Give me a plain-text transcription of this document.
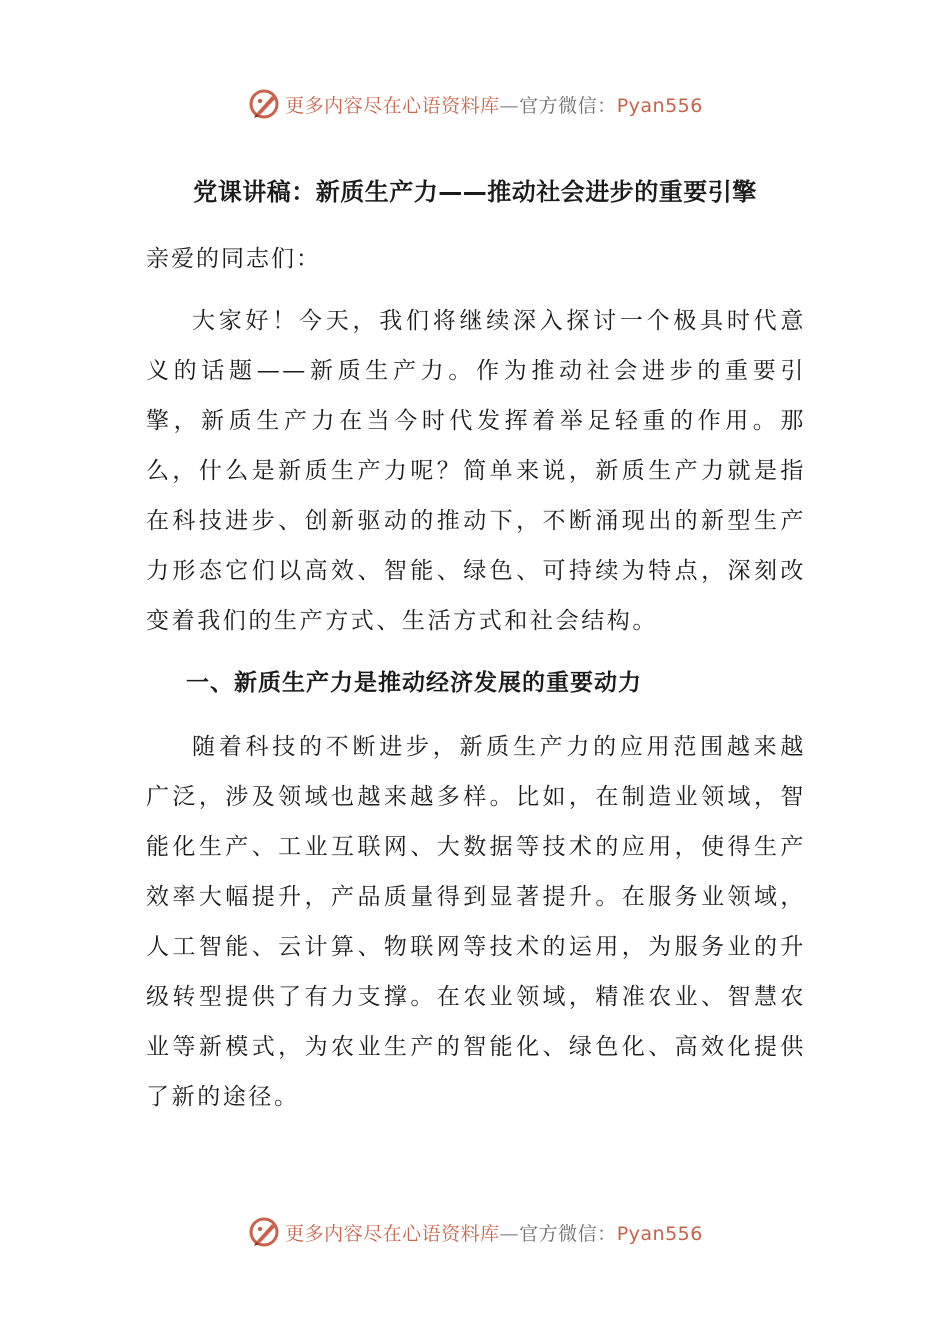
更多内容尽在心语资料库—官方微信：Pyan556
党课讲稿：新质生产力——推动社会进步的重要引擎

亲爱的同志们：

大家好！今天，我们将继续深入探讨一个极具时代意义的话题——新质生产力。作为推动社会进步的重要引擎，新质生产力在当今时代发挥着举足轻重的作用。那么，什么是新质生产力呢？简单来说，新质生产力就是指在科技进步、创新驱动的推动下，不断涌现出的新型生产力形态它们以高效、智能、绿色、可持续为特点，深刻改变着我们的生产方式、生活方式和社会结构。

一、新质生产力是推动经济发展的重要动力

随着科技的不断进步，新质生产力的应用范围越来越广泛，涉及领域也越来越多样。比如，在制造业领域，智能化生产、工业互联网、大数据等技术的应用，使得生产效率大幅提升，产品质量得到显著提升。在服务业领域，人工智能、云计算、物联网等技术的运用，为服务业的升级转型提供了有力支撑。在农业领域，精准农业、智慧农业等新模式，为农业生产的智能化、绿色化、高效化提供了新的途径。

更多内容尽在心语资料库—官方微信：Pyan556
